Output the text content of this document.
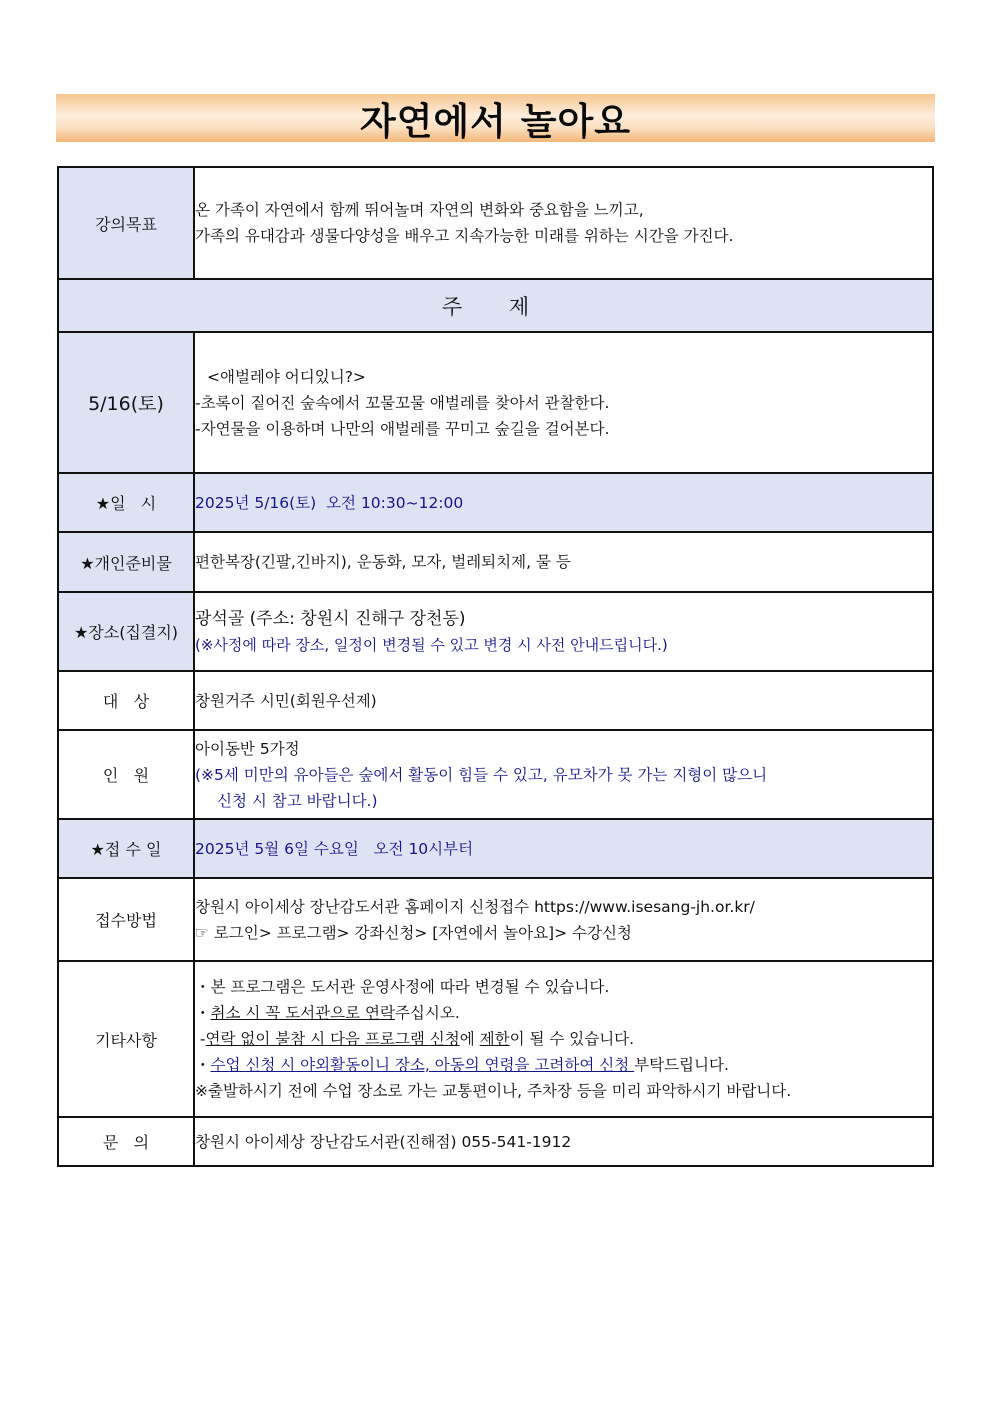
자연에서 놀아요
강의목표	온 가족이 자연에서 함께 뛰어놀며 자연의 변화와 중요함을 느끼고,
가족의 유대감과 생물다양성을 배우고 지속가능한 미래를 위하는 시간을 가진다.

주 제	
5/16(토)	<애벌레야 어디있니?>
-초록이 짙어진 숲속에서 꼬물꼬물 애벌레를 찾아서 관찰한다.
-자연물을 이용하며 나만의 애벌레를 꾸미고 숲길을 걸어본다.

★일   시	2025년 5/16(토)  오전 10:30~12:00
★개인준비물	편한복장(긴팔,긴바지), 운동화, 모자, 벌레퇴치제, 물 등
★장소(집결지)	광석골 (주소: 창원시 진해구 장천동)
(※사정에 따라 장소, 일정이 변경될 수 있고 변경 시 사전 안내드립니다.)

대   상	창원거주 시민(회원우선제)
인   원	아이동반 5가정
(※5세 미만의 유아들은 숲에서 활동이 힘들 수 있고, 유모차가 못 가는 지형이 많으니
신청 시 참고 바랍니다.)

★접 수 일	2025년 5월 6일 수요일   오전 10시부터
접수방법	창원시 아이세상 장난감도서관 홈페이지 신청접수 https://www.isesang-jh.or.kr/
☞ 로그인> 프로그램> 강좌신청> [자연에서 놀아요]> 수강신청

기타사항	・본 프로그램은 도서관 운영사정에 따라 변경될 수 있습니다.
・취소 시 꼭 도서관으로 연락주십시오.
-연락 없이 불참 시 다음 프로그램 신청에 제한이 될 수 있습니다.
・수업 신청 시 야외활동이니 장소, 아동의 연령을 고려하여 신청 부탁드립니다.
※출발하시기 전에 수업 장소로 가는 교통편이나, 주차장 등을 미리 파악하시기 바랍니다.

문   의	창원시 아이세상 장난감도서관(진해점) 055-541-1912
